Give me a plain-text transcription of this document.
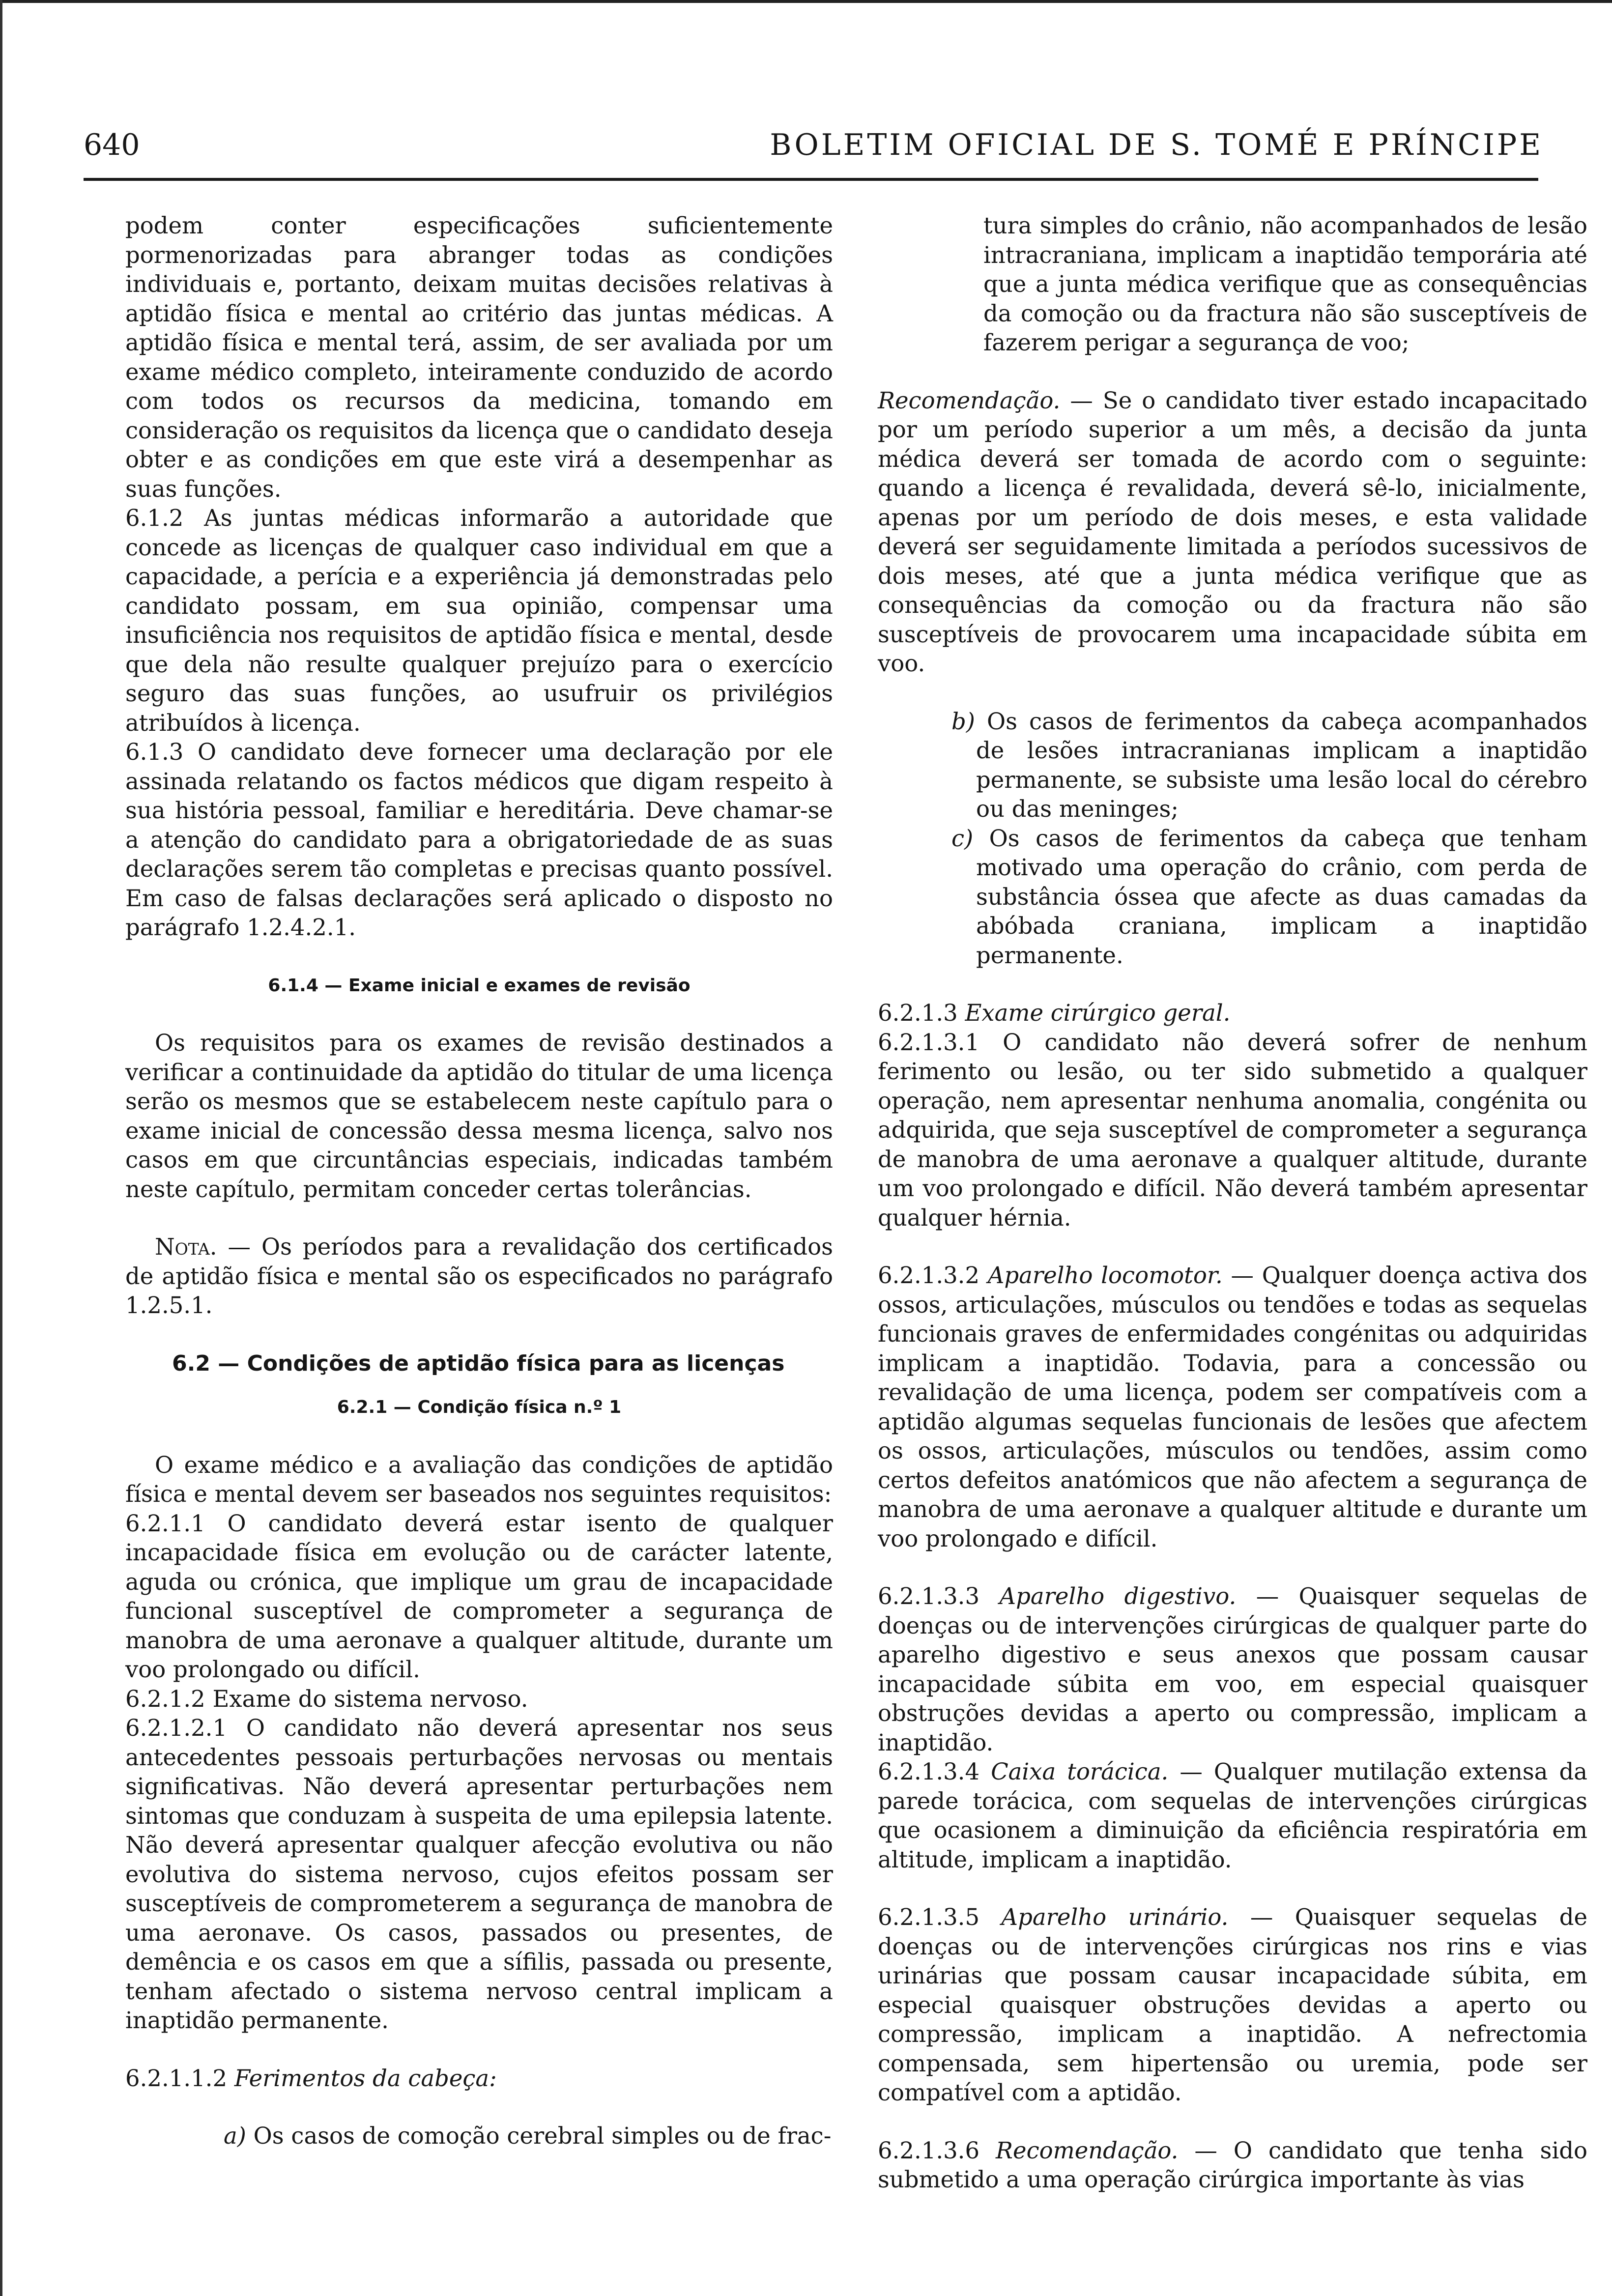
640	BOLETIM OFICIAL DE S. TOMÉ E PRÍNCIPE

podem conter especificações suficientemente pormenorizadas para abranger todas as condições individuais e, portanto, deixam muitas decisões relativas à aptidão física e mental ao critério das juntas médicas. A aptidão física e mental terá, assim, de ser avaliada por um exame médico completo, inteiramente conduzido de acordo com todos os recursos da medicina, tomando em consideração os requisitos da licença que o candidato deseja obter e as condições em que este virá a desempenhar as suas funções.

6.1.2 As juntas médicas informarão a autoridade que concede as licenças de qualquer caso individual em que a capacidade, a perícia e a experiência já demonstradas pelo candidato possam, em sua opinião, compensar uma insuficiência nos requisitos de aptidão física e mental, desde que dela não resulte qualquer prejuízo para o exercício seguro das suas funções, ao usufruir os privilégios atribuídos à licença.

6.1.3 O candidato deve fornecer uma declaração por ele assinada relatando os factos médicos que digam respeito à sua história pessoal, familiar e hereditária. Deve chamar-se a atenção do candidato para a obrigatoriedade de as suas declarações serem tão completas e precisas quanto possível. Em caso de falsas declarações será aplicado o disposto no parágrafo 1.2.4.2.1.

6.1.4 — Exame inicial e exames de revisão

Os requisitos para os exames de revisão destinados a verificar a continuidade da aptidão do titular de uma licença serão os mesmos que se estabelecem neste capítulo para o exame inicial de concessão dessa mesma licença, salvo nos casos em que circuntâncias especiais, indicadas também neste capítulo, permitam conceder certas tolerâncias.

Nota. — Os períodos para a revalidação dos certificados de aptidão física e mental são os especificados no parágrafo 1.2.5.1.

6.2 — Condições de aptidão física para as licenças

6.2.1 — Condição física n.º 1

O exame médico e a avaliação das condições de aptidão física e mental devem ser baseados nos seguintes requisitos:

6.2.1.1 O candidato deverá estar isento de qualquer incapacidade física em evolução ou de carácter latente, aguda ou crónica, que implique um grau de incapacidade funcional susceptível de comprometer a segurança de manobra de uma aeronave a qualquer altitude, durante um voo prolongado ou difícil.

6.2.1.2 Exame do sistema nervoso.

6.2.1.2.1 O candidato não deverá apresentar nos seus antecedentes pessoais perturbações nervosas ou mentais significativas. Não deverá apresentar perturbações nem sintomas que conduzam à suspeita de uma epilepsia latente. Não deverá apresentar qualquer afecção evolutiva ou não evolutiva do sistema nervoso, cujos efeitos possam ser susceptíveis de comprometerem a segurança de manobra de uma aeronave. Os casos, passados ou presentes, de demência e os casos em que a sífilis, passada ou presente, tenham afectado o sistema nervoso central implicam a inaptidão permanente.

6.2.1.1.2 Ferimentos da cabeça:

a) Os casos de comoção cerebral simples ou de frac-

tura simples do crânio, não acompanhados de lesão intracraniana, implicam a inaptidão temporária até que a junta médica verifique que as consequências da comoção ou da fractura não são susceptíveis de fazerem perigar a segurança de voo;

Recomendação. — Se o candidato tiver estado incapacitado por um período superior a um mês, a decisão da junta médica deverá ser tomada de acordo com o seguinte: quando a licença é revalidada, deverá sê-lo, inicialmente, apenas por um período de dois meses, e esta validade deverá ser seguidamente limitada a períodos sucessivos de dois meses, até que a junta médica verifique que as consequências da comoção ou da fractura não são susceptíveis de provocarem uma incapacidade súbita em voo.

b) Os casos de ferimentos da cabeça acompanhados de lesões intracranianas implicam a inaptidão permanente, se subsiste uma lesão local do cérebro ou das meninges;

c) Os casos de ferimentos da cabeça que tenham motivado uma operação do crânio, com perda de substância óssea que afecte as duas camadas da abóbada craniana, implicam a inaptidão permanente.

6.2.1.3 Exame cirúrgico geral.

6.2.1.3.1 O candidato não deverá sofrer de nenhum ferimento ou lesão, ou ter sido submetido a qualquer operação, nem apresentar nenhuma anomalia, congénita ou adquirida, que seja susceptível de comprometer a segurança de manobra de uma aeronave a qualquer altitude, durante um voo prolongado e difícil. Não deverá também apresentar qualquer hérnia.

6.2.1.3.2 Aparelho locomotor. — Qualquer doença activa dos ossos, articulações, músculos ou tendões e todas as sequelas funcionais graves de enfermidades congénitas ou adquiridas implicam a inaptidão. Todavia, para a concessão ou revalidação de uma licença, podem ser compatíveis com a aptidão algumas sequelas funcionais de lesões que afectem os ossos, articulações, músculos ou tendões, assim como certos defeitos anatómicos que não afectem a segurança de manobra de uma aeronave a qualquer altitude e durante um voo prolongado e difícil.

6.2.1.3.3 Aparelho digestivo. — Quaisquer sequelas de doenças ou de intervenções cirúrgicas de qualquer parte do aparelho digestivo e seus anexos que possam causar incapacidade súbita em voo, em especial quaisquer obstruções devidas a aperto ou compressão, implicam a inaptidão.

6.2.1.3.4 Caixa torácica. — Qualquer mutilação extensa da parede torácica, com sequelas de intervenções cirúrgicas que ocasionem a diminuição da eficiência respiratória em altitude, implicam a inaptidão.

6.2.1.3.5 Aparelho urinário. — Quaisquer sequelas de doenças ou de intervenções cirúrgicas nos rins e vias urinárias que possam causar incapacidade súbita, em especial quaisquer obstruções devidas a aperto ou compressão, implicam a inaptidão. A nefrectomia compensada, sem hipertensão ou uremia, pode ser compatível com a aptidão.

6.2.1.3.6 Recomendação. — O candidato que tenha sido submetido a uma operação cirúrgica importante às vias
